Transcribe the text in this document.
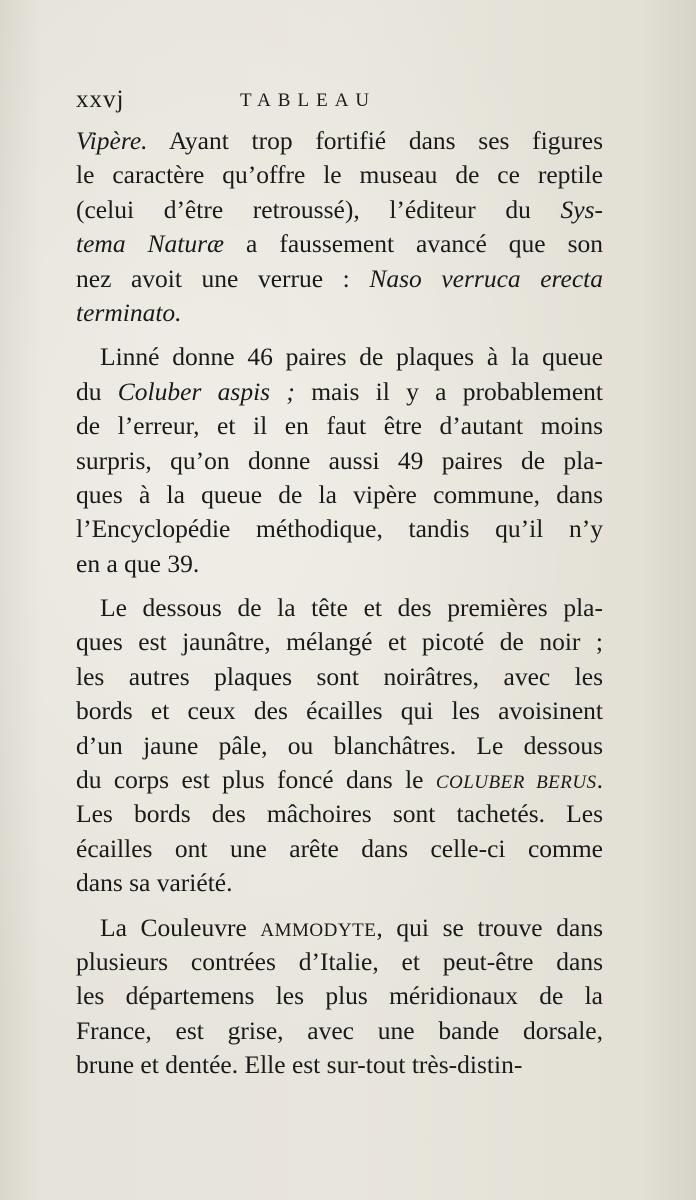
xxvj	TABLEAU
Vipère. Ayant trop fortifié dans ses figures
le caractère qu’offre le museau de ce reptile
(celui d’être retroussé), l’éditeur du Sys-
tema Naturæ a faussement avancé que son
nez avoit une verrue : Naso verruca erecta
terminato.
Linné donne 46 paires de plaques à la queue
du Coluber aspis ; mais il y a probablement
de l’erreur, et il en faut être d’autant moins
surpris, qu’on donne aussi 49 paires de pla-
ques à la queue de la vipère commune, dans
l’Encyclopédie méthodique, tandis qu’il n’y
en a que 39.
Le dessous de la tête et des premières pla-
ques est jaunâtre, mélangé et picoté de noir ;
les autres plaques sont noirâtres, avec les
bords et ceux des écailles qui les avoisinent
d’un jaune pâle, ou blanchâtres. Le dessous
du corps est plus foncé dans le COLUBER BERUS.
Les bords des mâchoires sont tachetés. Les
écailles ont une arête dans celle-ci comme
dans sa variété.
La Couleuvre AMMODYTE, qui se trouve dans
plusieurs contrées d’Italie, et peut-être dans
les départemens les plus méridionaux de la
France, est grise, avec une bande dorsale,
brune et dentée. Elle est sur-tout très-distin-
